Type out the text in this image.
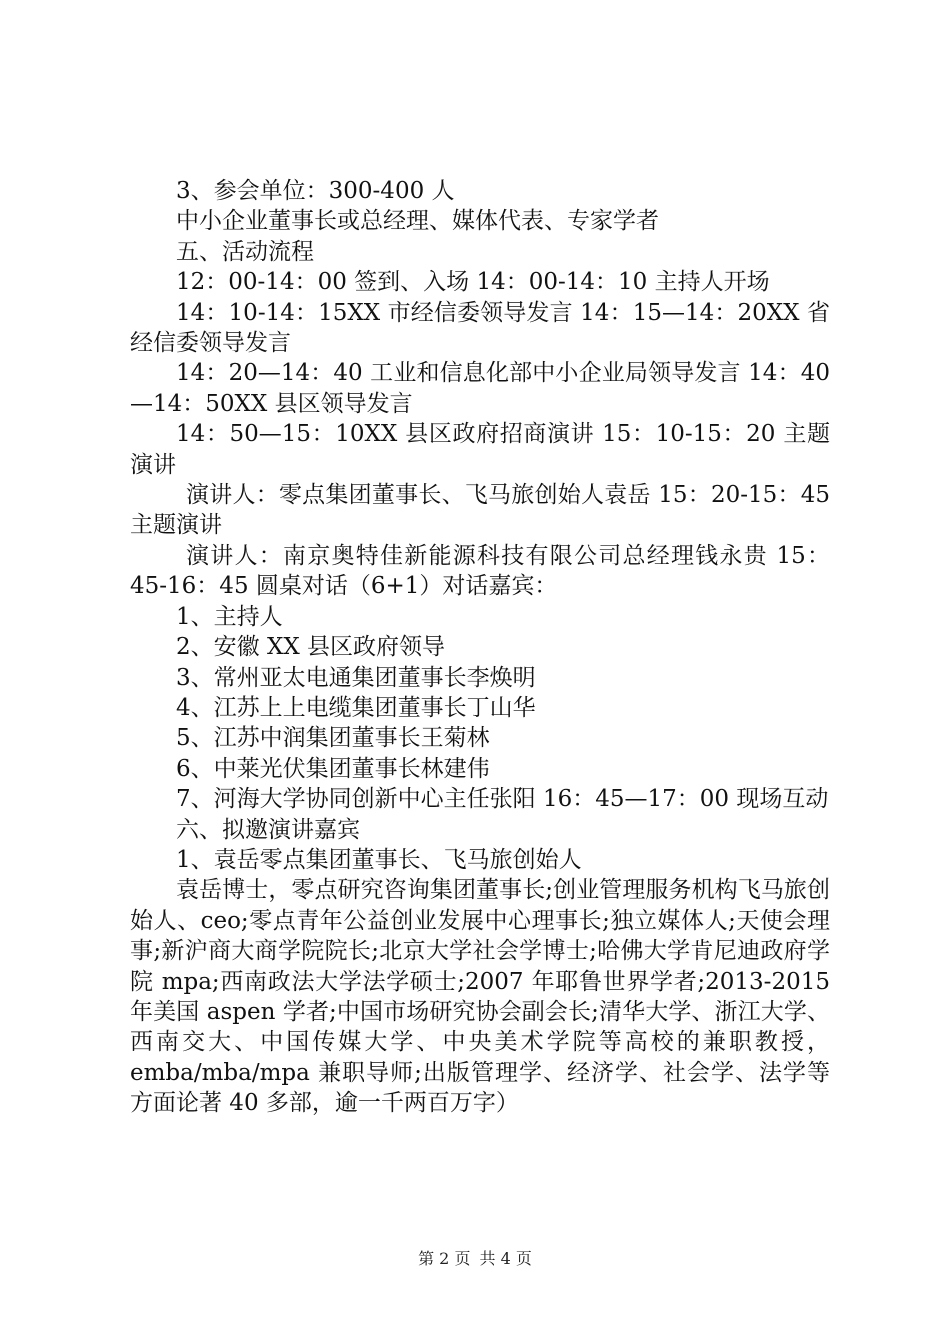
3、参会单位：300-400 人

中小企业董事长或总经理、媒体代表、专家学者

五、活动流程

12：00-14：00 签到、入场 14：00-14：10 主持人开场

14：10-14：15XX 市经信委领导发言 14：15—14：20XX 省经信委领导发言

14：20—14：40 工业和信息化部中小企业局领导发言 14：40—14：50XX 县区领导发言

14：50—15：10XX 县区政府招商演讲 15：10-15：20 主题演讲

演讲人：零点集团董事长、飞马旅创始人袁岳 15：20-15：45 主题演讲

演讲人：南京奥特佳新能源科技有限公司总经理钱永贵 15：45-16：45 圆桌对话（6+1）对话嘉宾：

1、主持人

2、安徽 XX 县区政府领导

3、常州亚太电通集团董事长李焕明

4、江苏上上电缆集团董事长丁山华

5、江苏中润集团董事长王菊林

6、中莱光伏集团董事长林建伟

7、河海大学协同创新中心主任张阳 16：45—17：00 现场互动

六、拟邀演讲嘉宾

1、袁岳零点集团董事长、飞马旅创始人

袁岳博士，零点研究咨询集团董事长;创业管理服务机构飞马旅创始人、ceo;零点青年公益创业发展中心理事长;独立媒体人;天使会理事;新沪商大商学院院长;北京大学社会学博士;哈佛大学肯尼迪政府学院 mpa;西南政法大学法学硕士;2007 年耶鲁世界学者;2013-2015 年美国 aspen 学者;中国市场研究协会副会长;清华大学、浙江大学、西南交大、中国传媒大学、中央美术学院等高校的兼职教授，emba/mba/mpa 兼职导师;出版管理学、经济学、社会学、法学等方面论著 40 多部，逾一千两百万字）

第 2 页 共 4 页
